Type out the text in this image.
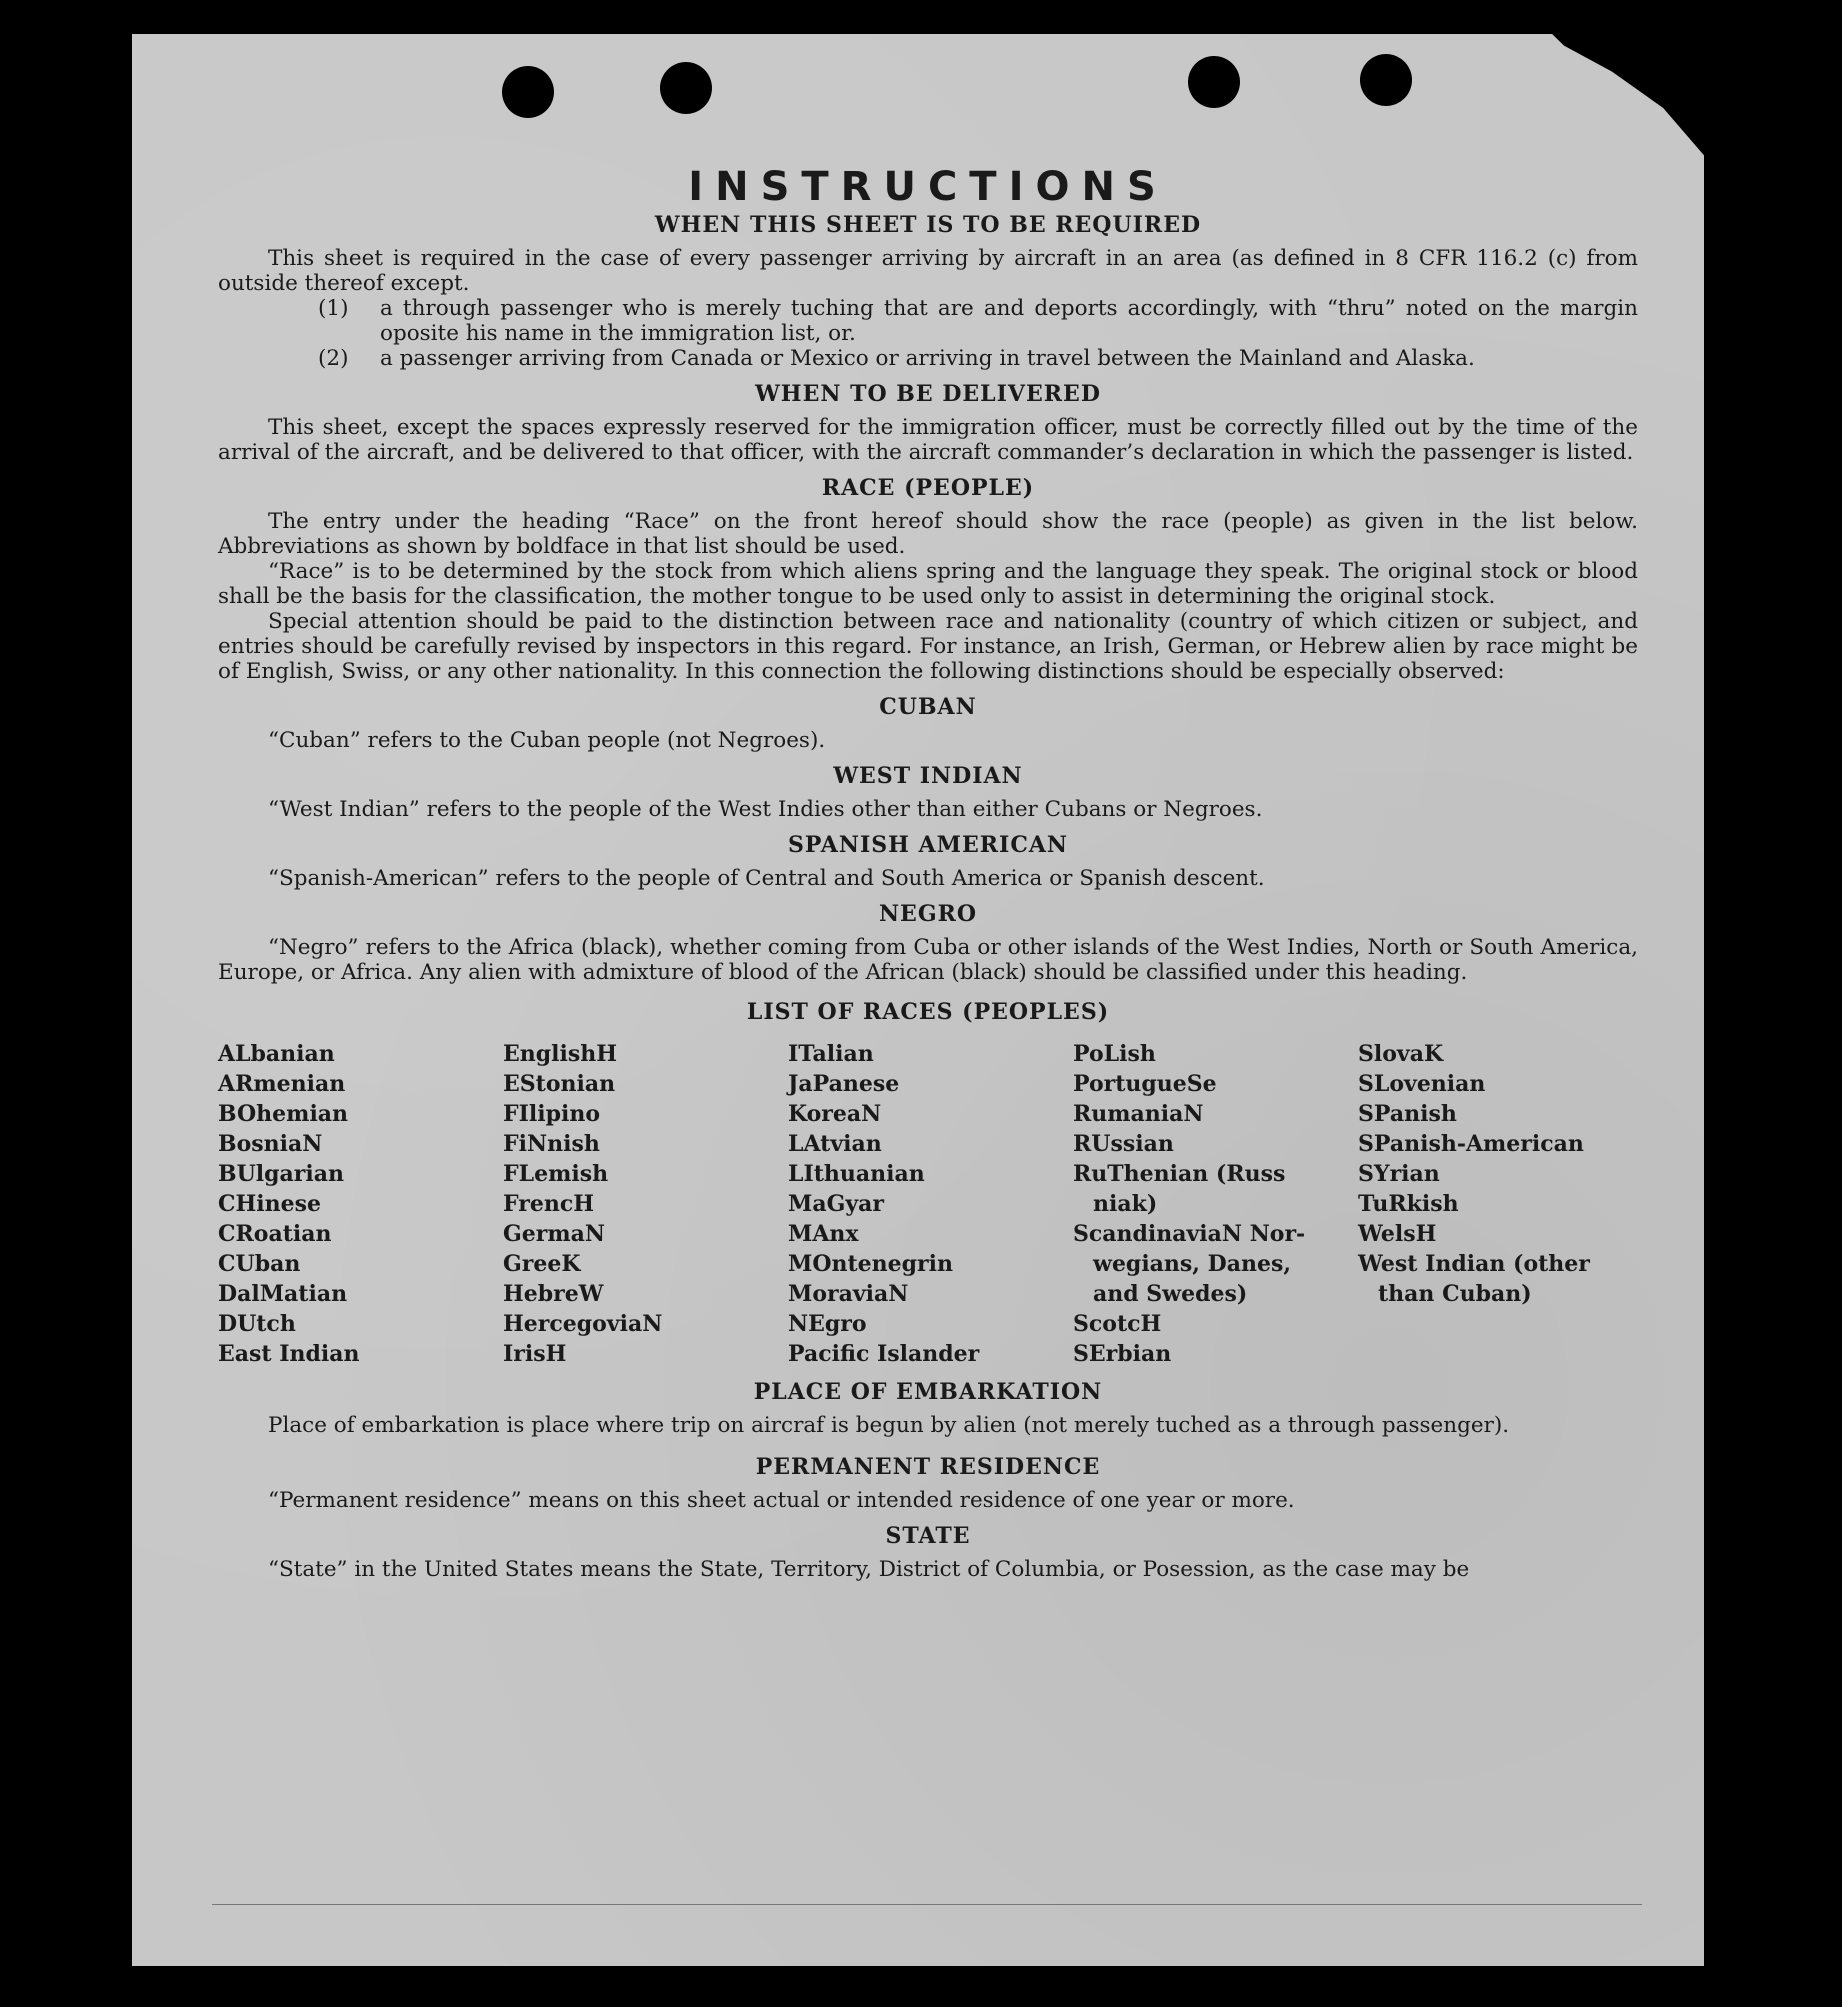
INSTRUCTIONS
WHEN THIS SHEET IS TO BE REQUIRED

This sheet is required in the case of every passenger arriving by aircraft in an area (as defined in 8 CFR 116.2 (c) from outside thereof except.

(1)	a through passenger who is merely tuching that are and deports accordingly, with “thru” noted on the margin oposite his name in the immigration list, or.
(2)	a passenger arriving from Canada or Mexico or arriving in travel between the Mainland and Alaska.
WHEN TO BE DELIVERED

This sheet, except the spaces expressly reserved for the immigration officer, must be correctly filled out by the time of the arrival of the aircraft, and be delivered to that officer, with the aircraft commander’s declaration in which the passenger is listed.

RACE (PEOPLE)

The entry under the heading “Race” on the front hereof should show the race (people) as given in the list below. Abbreviations as shown by boldface in that list should be used.

“Race” is to be determined by the stock from which aliens spring and the language they speak. The original stock or blood shall be the basis for the classification, the mother tongue to be used only to assist in determining the original stock.

Special attention should be paid to the distinction between race and nationality (country of which citizen or subject, and entries should be carefully revised by inspectors in this regard. For instance, an Irish, German, or Hebrew alien by race might be of English, Swiss, or any other nationality. In this connection the following distinctions should be especially observed:

CUBAN

“Cuban” refers to the Cuban people (not Negroes).

WEST INDIAN

“West Indian” refers to the people of the West Indies other than either Cubans or Negroes.

SPANISH AMERICAN

“Spanish-American” refers to the people of Central and South America or Spanish descent.

NEGRO

“Negro” refers to the Africa (black), whether coming from Cuba or other islands of the West Indies, North or South America, Europe, or Africa. Any alien with admixture of blood of the African (black) should be classified under this heading.

LIST OF RACES (PEOPLES)
ALbanian
ARmenian
BOhemian
BosniaN
BUlgarian
CHinese
CRoatian
CUban
DalMatian
DUtch
East Indian
EnglishH
EStonian
FIlipino
FiNnish
FLemish
FrencH
GermaN
GreeK
HebreW
HercegoviaN
IrisH
ITalian
JaPanese
KoreaN
LAtvian
LIthuanian
MaGyar
MAnx
MOntenegrin
MoraviaN
NEgro
Pacific Islander
PoLish
PortugueSe
RumaniaN
RUssian
RuThenian (Russ
niak)
ScandinaviaN Nor-
wegians, Danes,
and Swedes)
ScotcH
SErbian
SlovaK
SLovenian
SPanish
SPanish-American
SYrian
TuRkish
WelsH
West Indian (other
than Cuban)
PLACE OF EMBARKATION

Place of embarkation is place where trip on aircraf is begun by alien (not merely tuched as a through passenger).

PERMANENT RESIDENCE

“Permanent residence” means on this sheet actual or intended residence of one year or more.

STATE

“State” in the United States means the State, Territory, District of Columbia, or Posession, as the case may be
